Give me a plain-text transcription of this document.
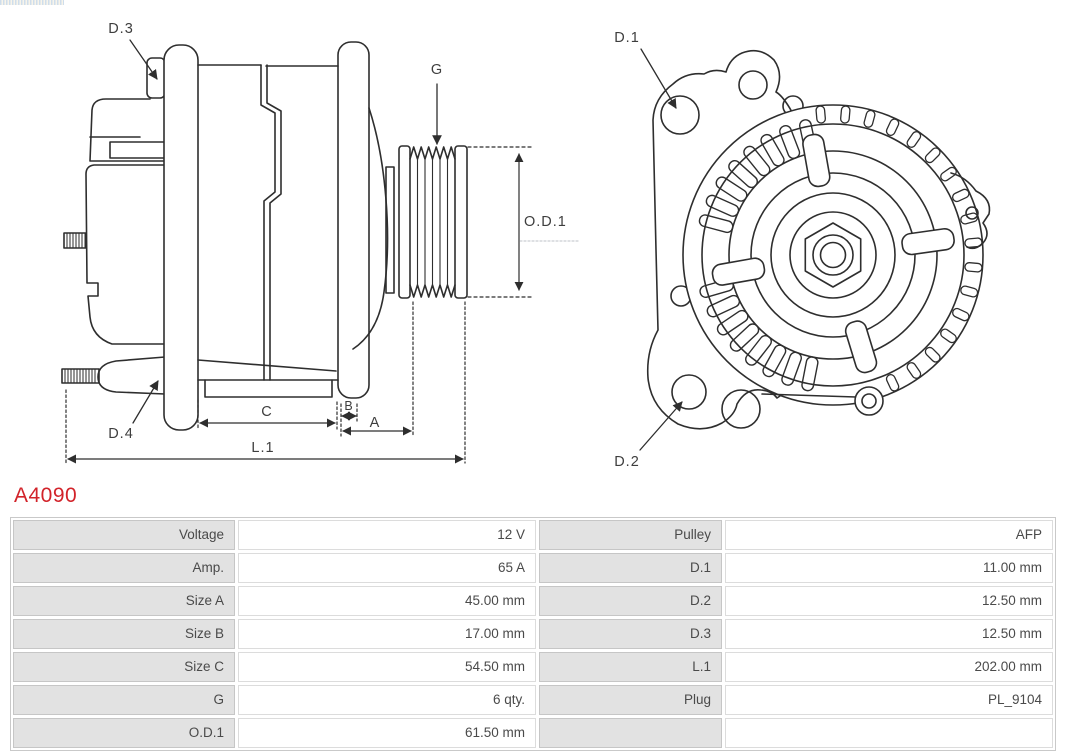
D.3
D.4
G
O.D.1
C	B
A
L.1
D.1
D.2
A4090
Voltage	12 V	Pulley	AFP
Amp.	65 A	D.1	11.00 mm
Size A	45.00 mm	D.2	12.50 mm
Size B	17.00 mm	D.3	12.50 mm
Size C	54.50 mm	L.1	202.00 mm
G	6 qty.	Plug	PL_9104
O.D.1	61.50 mm
